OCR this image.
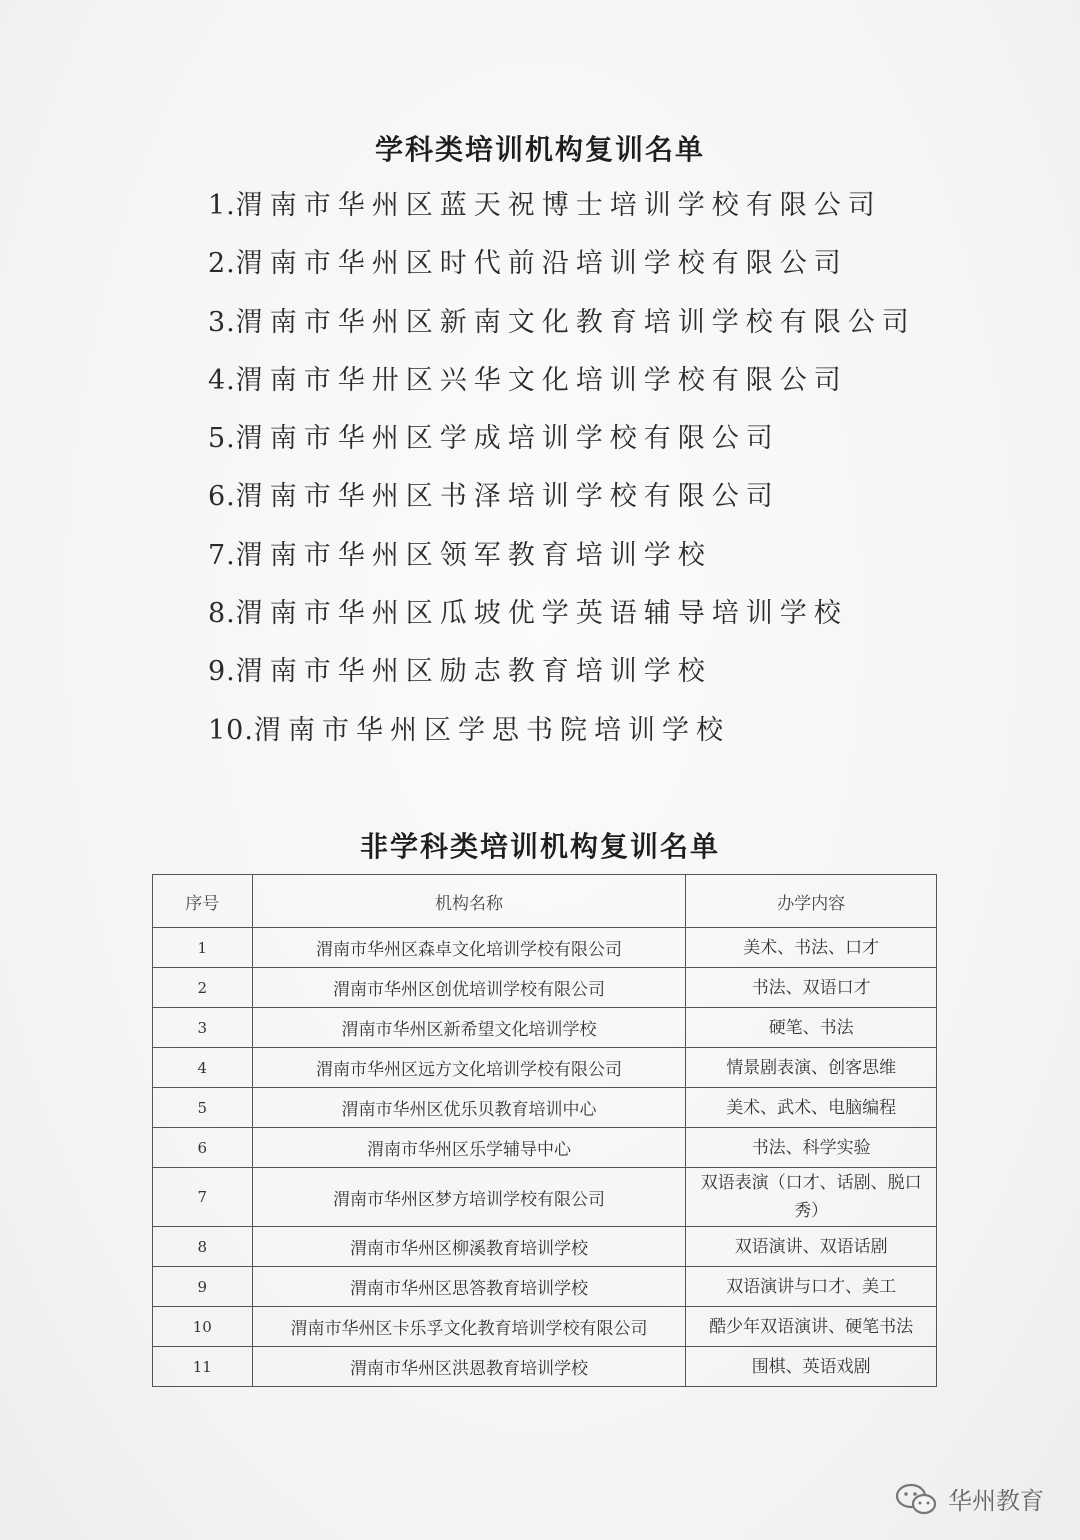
学科类培训机构复训名单
1.渭南市华州区蓝天祝博士培训学校有限公司
2.渭南市华州区时代前沿培训学校有限公司
3.渭南市华州区新南文化教育培训学校有限公司
4.渭南市华卅区兴华文化培训学校有限公司
5.渭南市华州区学成培训学校有限公司
6.渭南市华州区书泽培训学校有限公司
7.渭南市华州区领军教育培训学校
8.渭南市华州区瓜坡优学英语辅导培训学校
9.渭南市华州区励志教育培训学校
10.渭南市华州区学思书院培训学校
非学科类培训机构复训名单
序号	机构名称	办学内容
1	渭南市华州区森卓文化培训学校有限公司	美术、书法、口才
2	渭南市华州区创优培训学校有限公司	书法、双语口才
3	渭南市华州区新希望文化培训学校	硬笔、书法
4	渭南市华州区远方文化培训学校有限公司	情景剧表演、创客思维
5	渭南市华州区优乐贝教育培训中心	美术、武术、电脑编程
6	渭南市华州区乐学辅导中心	书法、科学实验
7	渭南市华州区梦方培训学校有限公司	双语表演（口才、话剧、脱口秀）
8	渭南市华州区柳溪教育培训学校	双语演讲、双语话剧
9	渭南市华州区思答教育培训学校	双语演讲与口才、美工
10	渭南市华州区卡乐孚文化教育培训学校有限公司	酷少年双语演讲、硬笔书法
11	渭南市华州区洪恩教育培训学校	围棋、英语戏剧
华州教育
